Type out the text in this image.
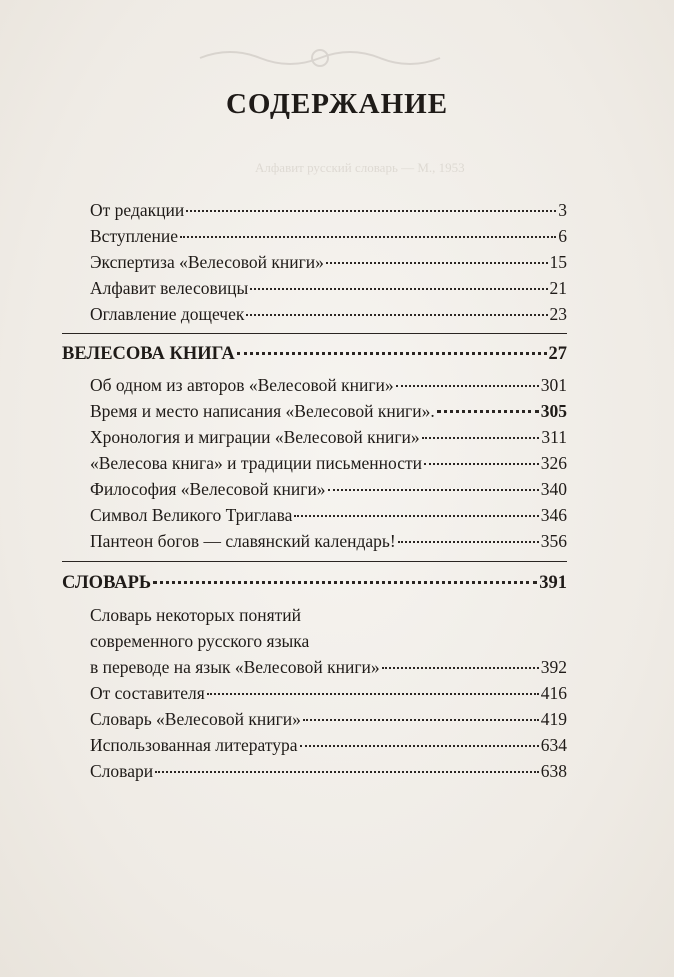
Алфавит русский словарь — М., 1953
СОДЕРЖАНИЕ
От редакции	3
Вступление	6
Экспертиза «Велесовой книги»	15
Алфавит велесовицы	21
Оглавление дощечек	23
ВЕЛЕСОВА КНИГА	27
Об одном из авторов «Велесовой книги»	301
Время и место написания «Велесовой книги».	305
Хронология и миграции «Велесовой книги»	311
«Велесова книга» и традиции письменности	326
Философия «Велесовой книги»	340
Символ Великого Триглава	346
Пантеон богов — славянский календарь!	356
СЛОВАРЬ	391
Словарь некоторых понятий
современного русского языка
в переводе на язык «Велесовой книги»	392
От составителя	416
Словарь «Велесовой книги»	419
Использованная литература	634
Словари	638
